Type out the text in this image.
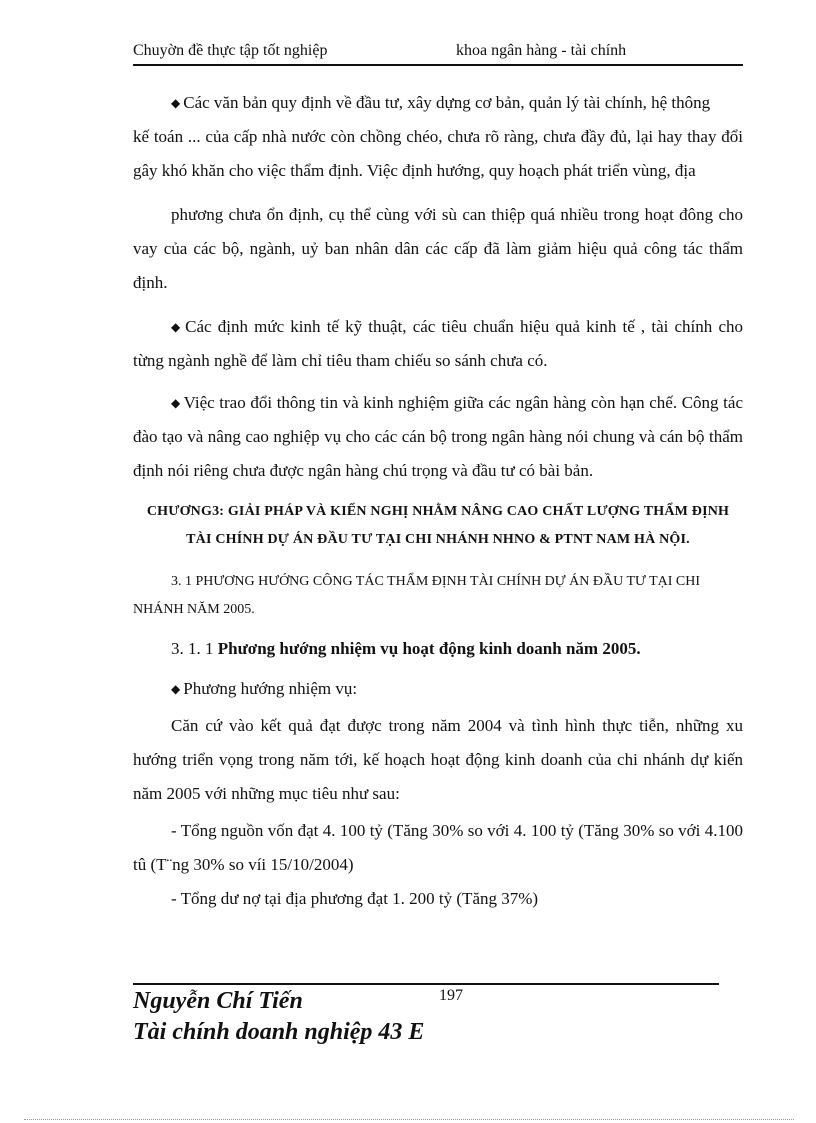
Chuyờn đề thực tập tốt nghiệp	khoa ngân hàng - tài chính
◆ Các văn bản quy định về đầu tư, xây dựng cơ bản, quản lý tài chính, hệ thông
kế toán ... của cấp nhà nước còn chồng chéo, chưa rõ ràng, chưa đầy đủ, lại hay thay đổi gây khó khăn cho việc thẩm định. Việc định hướng, quy hoạch phát triển vùng, địa
phương chưa ổn định, cụ thể cùng với sù can thiệp quá nhiều trong hoạt đông cho vay của các bộ, ngành, uỷ ban nhân dân các cấp đã làm giảm hiệu quả công tác thẩm định.
◆ Các định mức kinh tế kỹ thuật, các tiêu chuẩn hiệu quả kinh tế , tài chính cho từng ngành nghề để làm chỉ tiêu tham chiếu so sánh chưa có.
◆ Việc trao đổi thông tin và kinh nghiệm giữa các ngân hàng còn hạn chế. Công tác đào tạo và nâng cao nghiệp vụ cho các cán bộ trong ngân hàng nói chung và cán bộ thẩm định nói riêng chưa được ngân hàng chú trọng và đầu tư có bài bản.
CHƯƠNG3: GIẢI PHÁP VÀ KIẾN NGHỊ NHẰM NÂNG CAO CHẤT LƯỢNG THẨM ĐỊNH TÀI CHÍNH DỰ ÁN ĐẦU TƯ TẠI CHI NHÁNH NHNO & PTNT NAM HÀ NỘI.
3. 1 PHƯƠNG HƯỚNG CÔNG TÁC THẨM ĐỊNH TÀI CHÍNH DỰ ÁN ĐẦU TƯ TẠI CHI NHÁNH NĂM 2005.
3. 1. 1 Phương hướng nhiệm vụ hoạt động kinh doanh năm 2005.
◆ Phương hướng nhiệm vụ:
Căn cứ vào kết quả đạt được trong năm 2004 và tình hình thực tiễn, những xu hướng triển vọng trong năm tới, kế hoạch hoạt động kinh doanh của chi nhánh dự kiến năm 2005 với những mục tiêu như sau:
- Tổng nguồn vốn đạt 4. 100 tỷ (Tăng 30% so với 4. 100 tỷ (Tăng 30% so với 4.100 tû (T¨ng 30% so víi 15/10/2004)
- Tổng dư nợ tại địa phương đạt 1. 200 tỷ (Tăng 37%)
197
Nguyễn Chí Tiến
Tài chính doanh nghiệp 43 E
